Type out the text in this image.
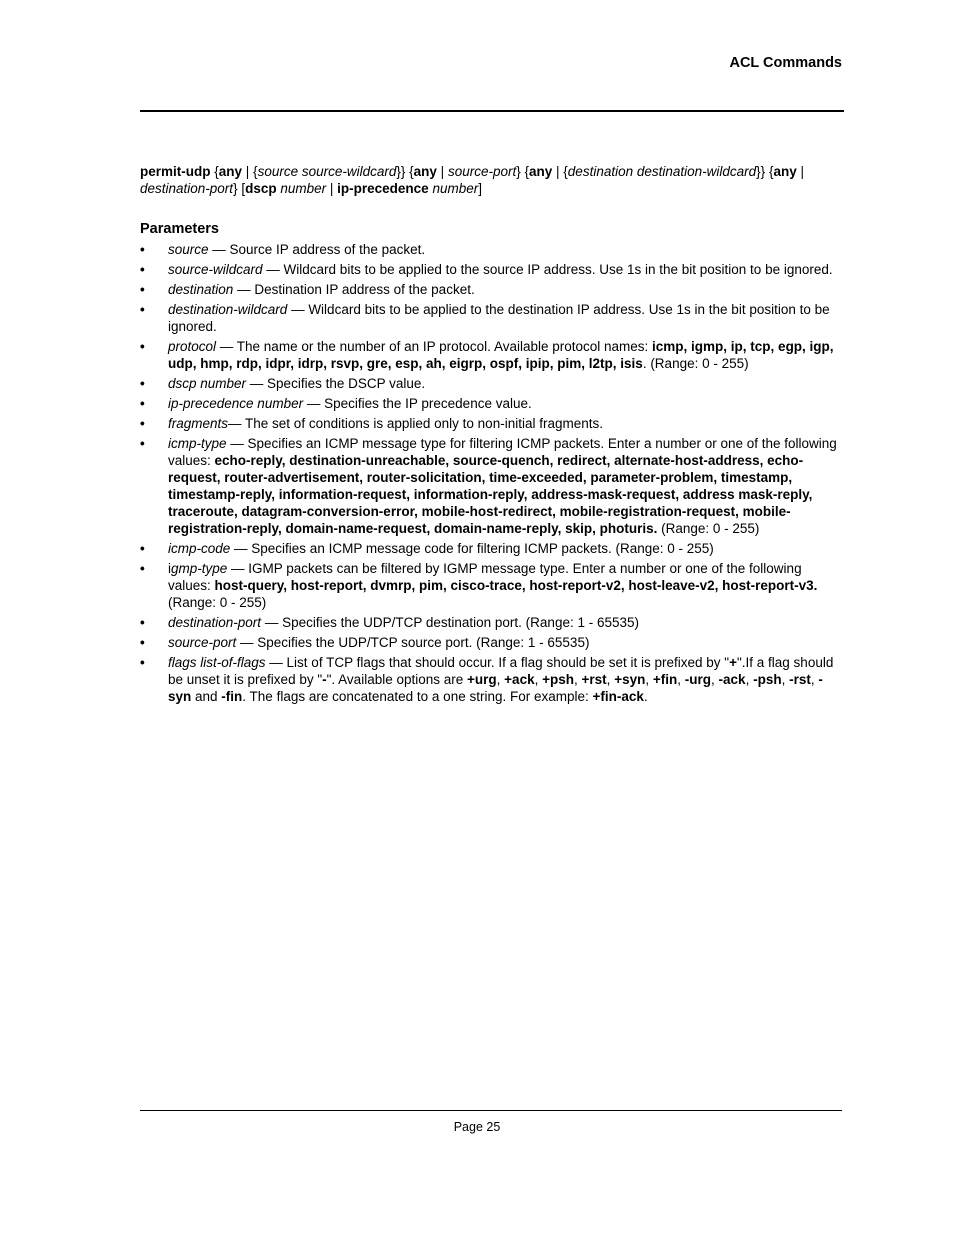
ACL Commands
permit-udp {any | {source source-wildcard}} {any | source-port} {any | {destination destination-wildcard}} {any | destination-port} [dscp number | ip-precedence number]
Parameters
• source — Source IP address of the packet.
• source-wildcard — Wildcard bits to be applied to the source IP address. Use 1s in the bit position to be ignored.
• destination — Destination IP address of the packet.
• destination-wildcard — Wildcard bits to be applied to the destination IP address. Use 1s in the bit position to be ignored.
• protocol — The name or the number of an IP protocol. Available protocol names: icmp, igmp, ip, tcp, egp, igp, udp, hmp, rdp, idpr, idrp, rsvp, gre, esp, ah, eigrp, ospf, ipip, pim, l2tp, isis. (Range: 0 - 255)
• dscp number — Specifies the DSCP value.
• ip-precedence number — Specifies the IP precedence value.
• fragments— The set of conditions is applied only to non-initial fragments.
• icmp-type — Specifies an ICMP message type for filtering ICMP packets. Enter a number or one of the following values: echo-reply, destination-unreachable, source-quench, redirect, alternate-host-address, echo-request, router-advertisement, router-solicitation, time-exceeded, parameter-problem, timestamp, timestamp-reply, information-request, information-reply, address-mask-request, address mask-reply, traceroute, datagram-conversion-error, mobile-host-redirect, mobile-registration-request, mobile-registration-reply, domain-name-request, domain-name-reply, skip, photuris. (Range: 0 - 255)
• icmp-code — Specifies an ICMP message code for filtering ICMP packets. (Range: 0 - 255)
• igmp-type — IGMP packets can be filtered by IGMP message type. Enter a number or one of the following values: host-query, host-report, dvmrp, pim, cisco-trace, host-report-v2, host-leave-v2, host-report-v3. (Range: 0 - 255)
• destination-port — Specifies the UDP/TCP destination port. (Range: 1 - 65535)
• source-port — Specifies the UDP/TCP source port. (Range: 1 - 65535)
• flags list-of-flags — List of TCP flags that should occur. If a flag should be set it is prefixed by "+".If a flag should be unset it is prefixed by "-". Available options are +urg, +ack, +psh, +rst, +syn, +fin, -urg, -ack, -psh, -rst, -syn and -fin. The flags are concatenated to a one string. For example: +fin-ack.
Page 25
